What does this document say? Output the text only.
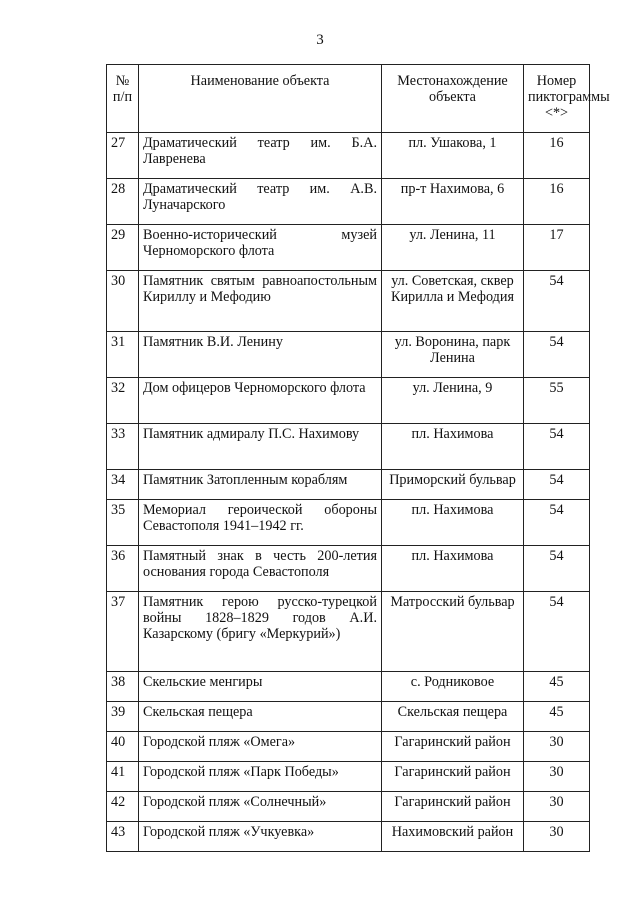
3
№ п/п	Наименование объекта	Местонахождение объекта	Номер пиктограммы <*>
27	Драматический театр им. Б.А. Лавренева	пл. Ушакова, 1	16
28	Драматический театр им. А.В. Луначарского	пр-т Нахимова, 6	16
29	Военно-исторический музей Черноморского флота	ул. Ленина, 11	17
30	Памятник святым равноапостольным Кириллу и Мефодию	ул. Советская, сквер Кирилла и Мефодия	54
31	Памятник В.И. Ленину	ул. Воронина, парк Ленина	54
32	Дом офицеров Черноморского флота	ул. Ленина, 9	55
33	Памятник адмиралу П.С. Нахимову	пл. Нахимова	54
34	Памятник Затопленным кораблям	Приморский бульвар	54
35	Мемориал героической обороны Севастополя 1941–1942 гг.	пл. Нахимова	54
36	Памятный знак в честь 200-летия основания города Севастополя	пл. Нахимова	54
37	Памятник герою русско-турецкой войны 1828–1829 годов А.И. Казарскому (бригу «Меркурий»)	Матросский бульвар	54
38	Скельские менгиры	с. Родниковое	45
39	Скельская пещера	Скельская пещера	45
40	Городской пляж «Омега»	Гагаринский район	30
41	Городской пляж «Парк Победы»	Гагаринский район	30
42	Городской пляж «Солнечный»	Гагаринский район	30
43	Городской пляж «Учкуевка»	Нахимовский район	30
